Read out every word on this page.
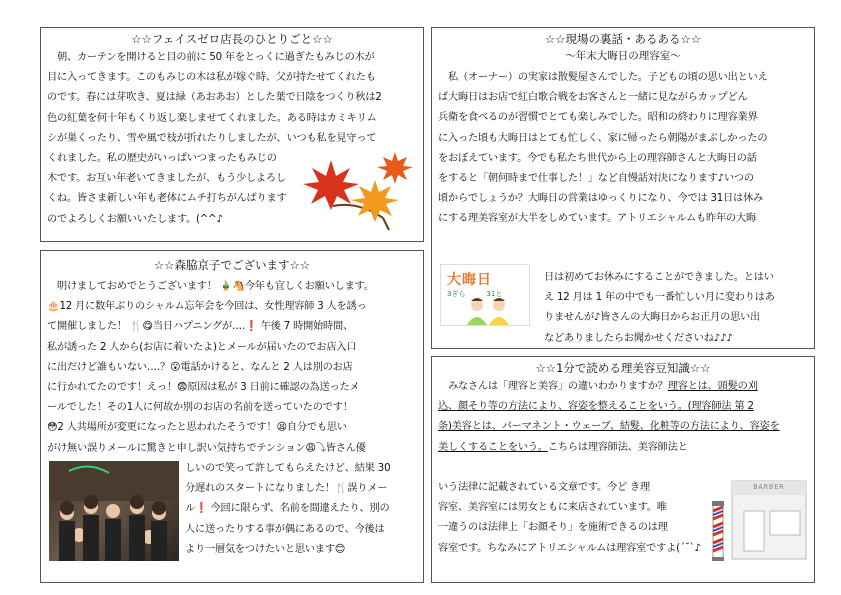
☆☆フェイスゼロ店長のひとりごと☆☆

　朝、カーテンを開けると目の前に 50 年をとっくに過ぎたもみじの木が

目に入ってきます。このもみじの木は私が嫁ぐ時、父が持たせてくれたも

のです。春には芽吹き、夏は緑（あおあお）とした葉で日陰をつくり秋は2

色の紅葉を何十年もくり返し楽しませてくれました。ある時はカミキリム

シが巣くったり、雪や風で枝が折れたりしましたが、いつも私を見守って

くれました。私の歴史がいっぱいつまったもみじの

木です。お互い年老いてきましたが、もう少しよろし

くね。皆さま新しい年も老体にムチ打ちがんばります

のでよろしくお願いいたします。(^^♪

☆☆森脇京子でございます☆☆

　明けましておめでとうございます！ 🎍🐴今年も宜しくお願いします。

🎂12 月に数年ぶりのシャルム忘年会を今回は、女性理容師 3 人を誘っ

て開催しました！ 🍴😋当日ハプニングが‥‥❗ 午後 7 時開始時間、

私が誘った 2 人から(お店に着いたよ)とメールが届いたのでお店入口

に出だけど誰もいない‥‥？😮電話かけると、なんと 2 人は別のお店

に行かれてたのです！えっ！😨原因は私が 3 日前に確認の為送ったメ

ールでした！その1人に何故か別のお店の名前を送っていたのです！

😳2 人共場所が変更になったと思われたそうです！😫自分でも思い

がけ無い誤りメールに驚きと申し訳い気持ちでテンション😩⤵皆さん優

しいので笑って許してもらえたけど、結果 30

分遅れのスタートになりました！🍴誤りメー

ル❗ 今回に限らず、名前を間違えたり、別の

人に送ったりする事が偶にあるので、今後は

より一層気をつけたいと思います😊

☆☆現場の裏話・あるある☆☆
～年末大晦日の理容室～

　私（オーナー）の実家は散髪屋さんでした。子どもの頃の思い出といえ

ば大晦日はお店で紅白歌合戦をお客さんと一緒に見ながらカップどん

兵衛を食べるのが習慣でとても楽しみでした。昭和の終わりに理容業界

に入った頃も大晦日はとても忙しく、家に帰ったら朝陽がまぶしかったの

をおぼえています。今でも私たち世代から上の理容師さんと大晦日の話

をすると「朝何時まで仕事した！」など自慢話対決になります♪いつの

頃からでしょうか？大晦日の営業はゆっくりになり、今では 31日は休み

にする理美容室が大半をしめています。アトリエシャルムも昨年の大晦

大晦日
3ぎら　　　31と

日は初めてお休みにすることができました。とはい

え 12 月は 1 年の中でも一番忙しい月に変わりはあ

りませんが♪皆さんの大晦日からお正月の思い出

などありましたらお聞かせくださいね♪♪♪

☆☆1分で読める理美容豆知識☆☆

　みなさんは「理容と美容」の違いわかりますか？理容とは、頭髪の刈

込、顔そり等の方法により、容姿を整えることをいう。(理容師法 第 2

条)美容とは、パーマネント・ウェーブ、結髪、化粧等の方法により、容姿を

美しくすることをいう。こちらは理容師法、美容師法と

いう法律に記載されている文章です。今ど き理

容室、美容室には男女ともに来店されています。唯

一違うのは法律上「お顔そり」を施術できるのは理

容室です。ちなみにアトリエシャルムは理容室ですよ(´˘`♪

BARBER
